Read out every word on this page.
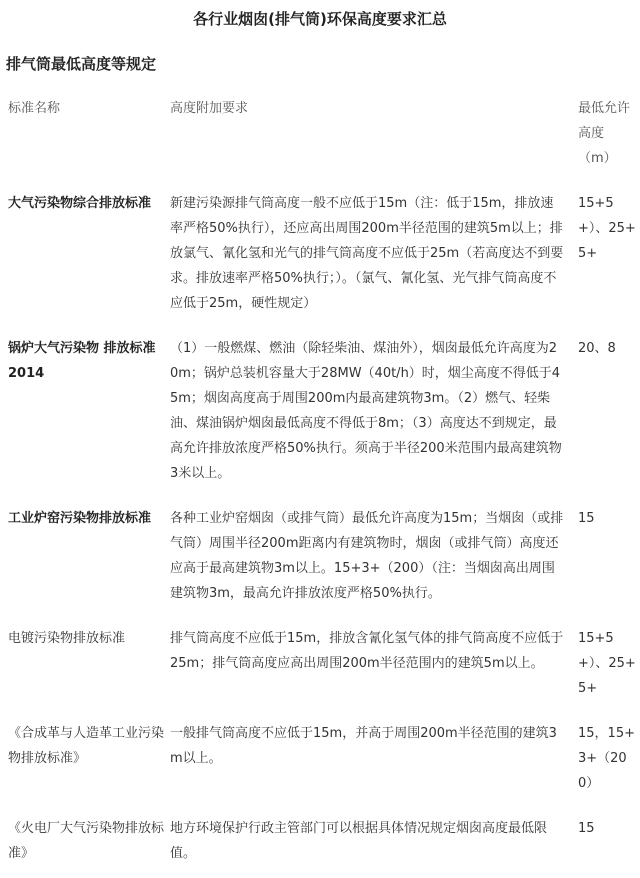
各行业烟囱(排气筒)环保高度要求汇总
排气筒最低高度等规定
标准名称	高度附加要求	最低允许高度（m）
大气污染物综合排放标准	新建污染源排气筒高度一般不应低于15m（注：低于15m，排放速率严格50%执行），还应高出周围200m半径范围的建筑5m以上；排放氯气、氰化氢和光气的排气筒高度不应低于25m（若高度达不到要求。排放速率严格50%执行；）。（氯气、氰化氢、光气排气筒高度不应低于25m，硬性规定）	15+5+）、25+5+
锅炉大气污染物 排放标准2014	（1）一般燃煤、燃油（除轻柴油、煤油外），烟囱最低允许高度为20m；锅炉总装机容量大于28MW（40t/h）时，烟尘高度不得低于45m；烟囱高度高于周围200m内最高建筑物3m。（2）燃气、轻柴油、煤油锅炉烟囱最低高度不得低于8m；（3）高度达不到规定，最高允许排放浓度严格50%执行。须高于半径200米范围内最高建筑物3米以上。	20、8
工业炉窑污染物排放标准	各种工业炉窑烟囱（或排气筒）最低允许高度为15m；当烟囱（或排气筒）周围半径200m距离内有建筑物时，烟囱（或排气筒）高度还应高于最高建筑物3m以上。15+3+（200）（注：当烟囱高出周围建筑物3m，最高允许排放浓度严格50%执行。	15
电镀污染物排放标准	排气筒高度不应低于15m，排放含氰化氢气体的排气筒高度不应低于25m；排气筒高度应高出周围200m半径范围内的建筑5m以上。	15+5+）、25+5+
《合成革与人造革工业污染物排放标准》	一般排气筒高度不应低于15m，并高于周围200m半径范围的建筑3m以上。	15，15+3+（200）
《火电厂大气污染物排放标准》	地方环境保护行政主管部门可以根据具体情况规定烟囱高度最低限值。	15
